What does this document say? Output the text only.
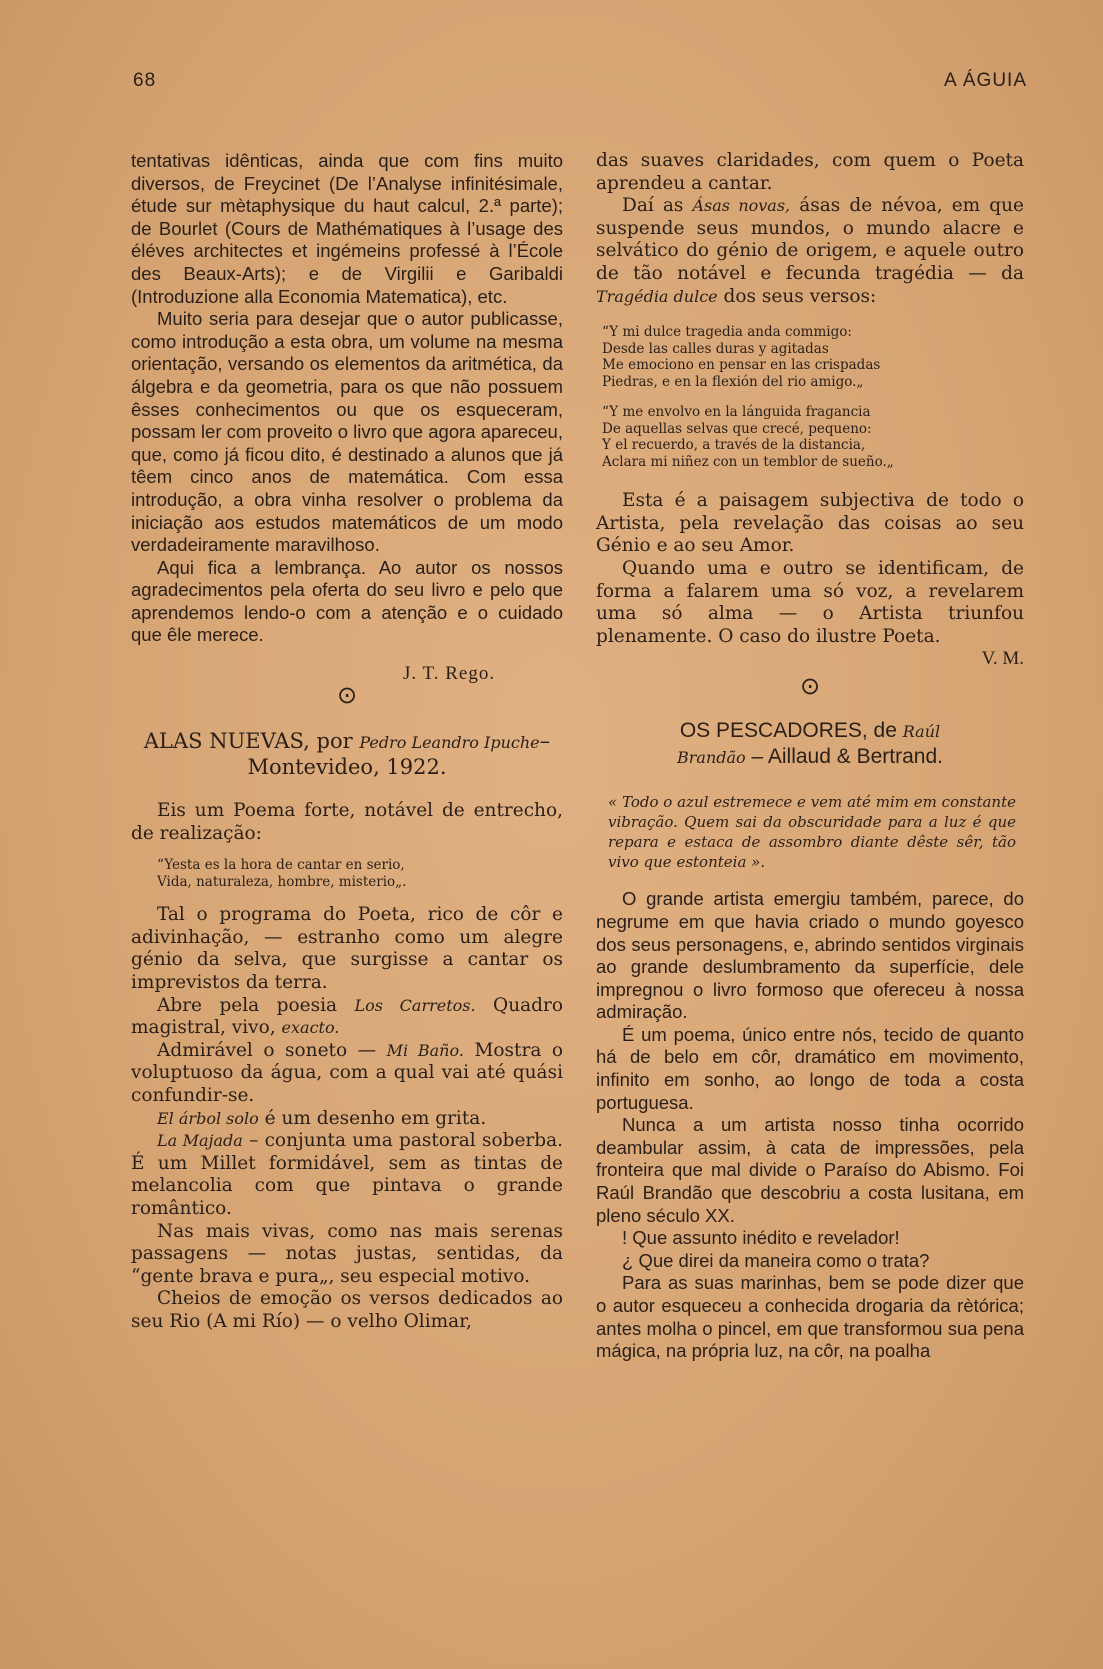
68	A ÁGUIA

tentativas idênticas, ainda que com fins muito diversos, de Freycinet (De l’Analyse infinitésimale, étude sur mètaphysique du haut calcul, 2.ª parte); de Bourlet (Cours de Mathématiques à l’usage des éléves architectes et ingémeins professé à l’École des Beaux-Arts); e de Virgilii e Garibaldi (Introduzione alla Economia Matematica), etc.

Muito seria para desejar que o autor publicasse, como introdução a esta obra, um volume na mesma orientação, versando os elementos da aritmética, da álgebra e da geometria, para os que não possuem êsses conhecimentos ou que os esqueceram, possam ler com proveito o livro que agora apareceu, que, como já ficou dito, é destinado a alunos que já têem cinco anos de matemática. Com essa introdução, a obra vinha resolver o problema da iniciação aos estudos matemáticos de um modo verdadeiramente maravilhoso.

Aqui fica a lembrança. Ao autor os nossos agradecimentos pela oferta do seu livro e pelo que aprendemos lendo-o com a atenção e o cuidado que êle merece.

J. T. Rego.
⊙
ALAS NUEVAS, por Pedro Leandro Ipuche– Montevideo, 1922.

Eis um Poema forte, notável de entrecho, de realização:

“Yesta es la hora de cantar en serio,
Vida, naturaleza, hombre, misterio„.

Tal o programa do Poeta, rico de côr e adivinhação, — estranho como um alegre génio da selva, que surgisse a cantar os imprevistos da terra.

Abre pela poesia Los Carretos. Quadro magistral, vivo, exacto.

Admirável o soneto — Mi Baño. Mostra o voluptuoso da água, com a qual vai até quási confundir-se.

El árbol solo é um desenho em grita.

La Majada – conjunta uma pastoral soberba. É um Millet formidável, sem as tintas de melancolia com que pintava o grande romântico.

Nas mais vivas, como nas mais serenas passagens — notas justas, sentidas, da “gente brava e pura„, seu especial motivo.

Cheios de emoção os versos dedicados ao seu Rio (A mi Río) — o velho Olimar,

das suaves claridades, com quem o Poeta aprendeu a cantar.

Daí as Ásas novas, ásas de névoa, em que suspende seus mundos, o mundo alacre e selvático do génio de origem, e aquele outro de tão notável e fecunda tragédia — da Tragédia dulce dos seus versos:

“Y mi dulce tragedia anda commigo:
Desde las calles duras y agitadas
Me emociono en pensar en las crispadas
Piedras, e en la flexión del rio amigo.„
“Y me envolvo en la lánguida fragancia
De aquellas selvas que crecé, pequeno:
Y el recuerdo, a través de la distancia,
Aclara mi niñez con un temblor de sueño.„

Esta é a paisagem subjectiva de todo o Artista, pela revelação das coisas ao seu Génio e ao seu Amor.

Quando uma e outro se identificam, de forma a falarem uma só voz, a revelarem uma só alma — o Artista triunfou plenamente. O caso do ilustre Poeta.

V. M.
⊙
OS PESCADORES, de Raúl
Brandão – Aillaud & Bertrand.
« Todo o azul estremece e vem até mim em constante vibração. Quem sai da obscuridade para a luz é que repara e estaca de assombro diante dêste sêr, tão vivo que estonteia ».

O grande artista emergiu também, parece, do negrume em que havia criado o mundo goyesco dos seus personagens, e, abrindo sentidos virginais ao grande deslumbramento da superfície, dele impregnou o livro formoso que ofereceu à nossa admiração.

É um poema, único entre nós, tecido de quanto há de belo em côr, dramático em movimento, infinito em sonho, ao longo de toda a costa portuguesa.

Nunca a um artista nosso tinha ocorrido deambular assim, à cata de impressões, pela fronteira que mal divide o Paraíso do Abismo. Foi Raúl Brandão que descobriu a costa lusitana, em pleno século XX.

! Que assunto inédito e revelador!

¿ Que direi da maneira como o trata?

Para as suas marinhas, bem se pode dizer que o autor esqueceu a conhecida drogaria da rètórica; antes molha o pincel, em que transformou sua pena mágica, na própria luz, na côr, na poalha
